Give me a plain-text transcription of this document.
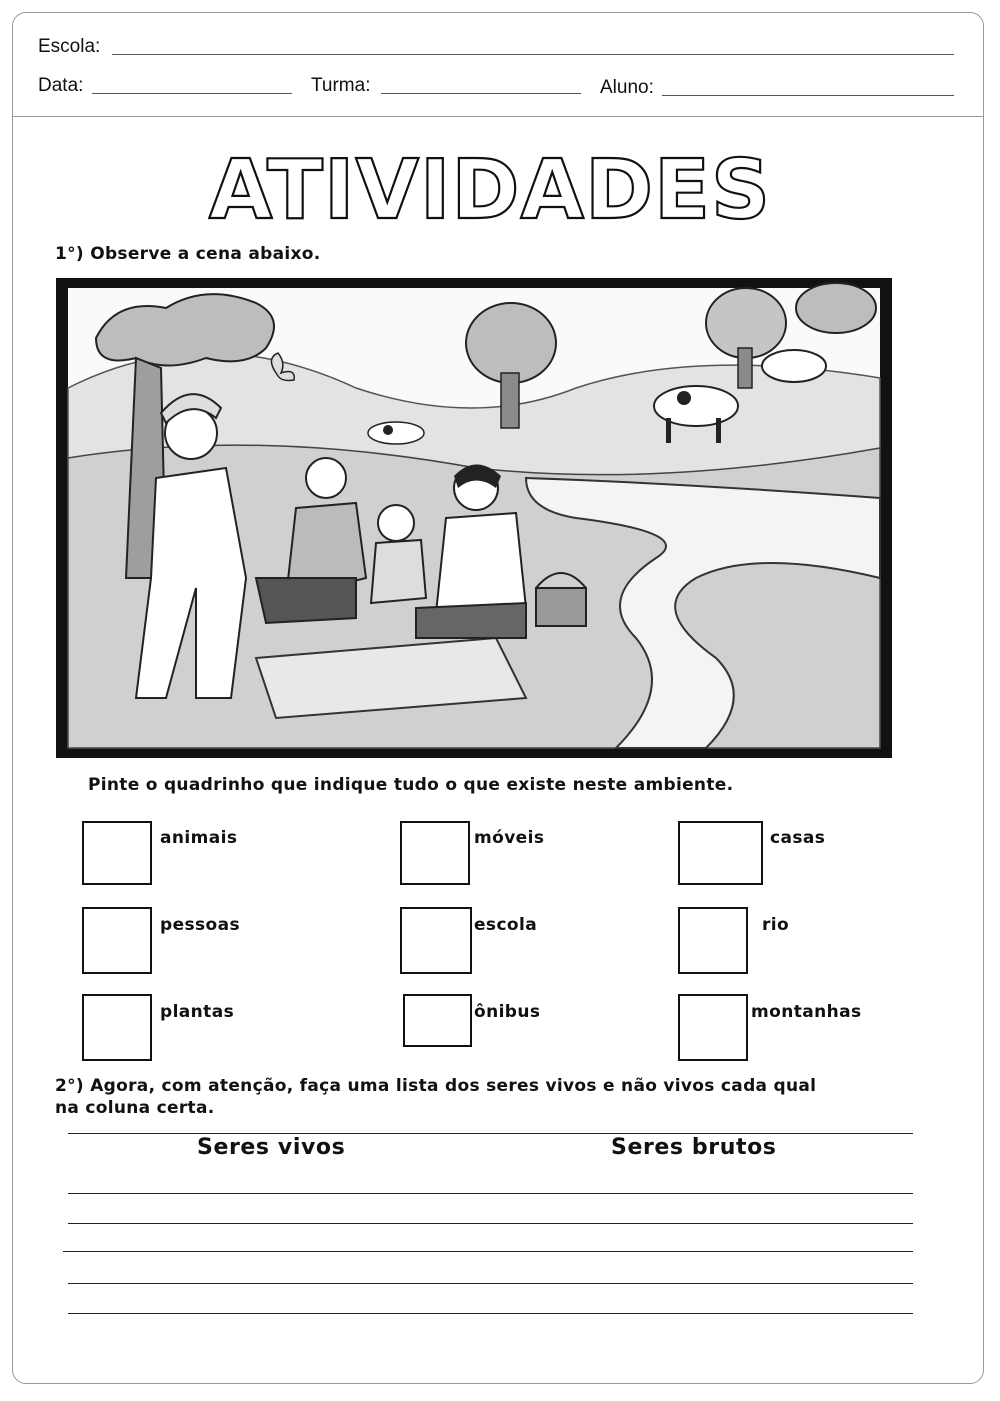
Escola:
Data:	Turma:	Aluno:
ATIVIDADES
1°) Observe a cena abaixo.
Pinte o quadrinho que indique tudo o que existe neste ambiente.
animais	móveis	casas
pessoas	escola	rio
plantas	ônibus	montanhas
2°) Agora, com atenção, faça uma lista dos seres vivos e não vivos cada qual
na coluna certa.
Seres vivos	Seres brutos
